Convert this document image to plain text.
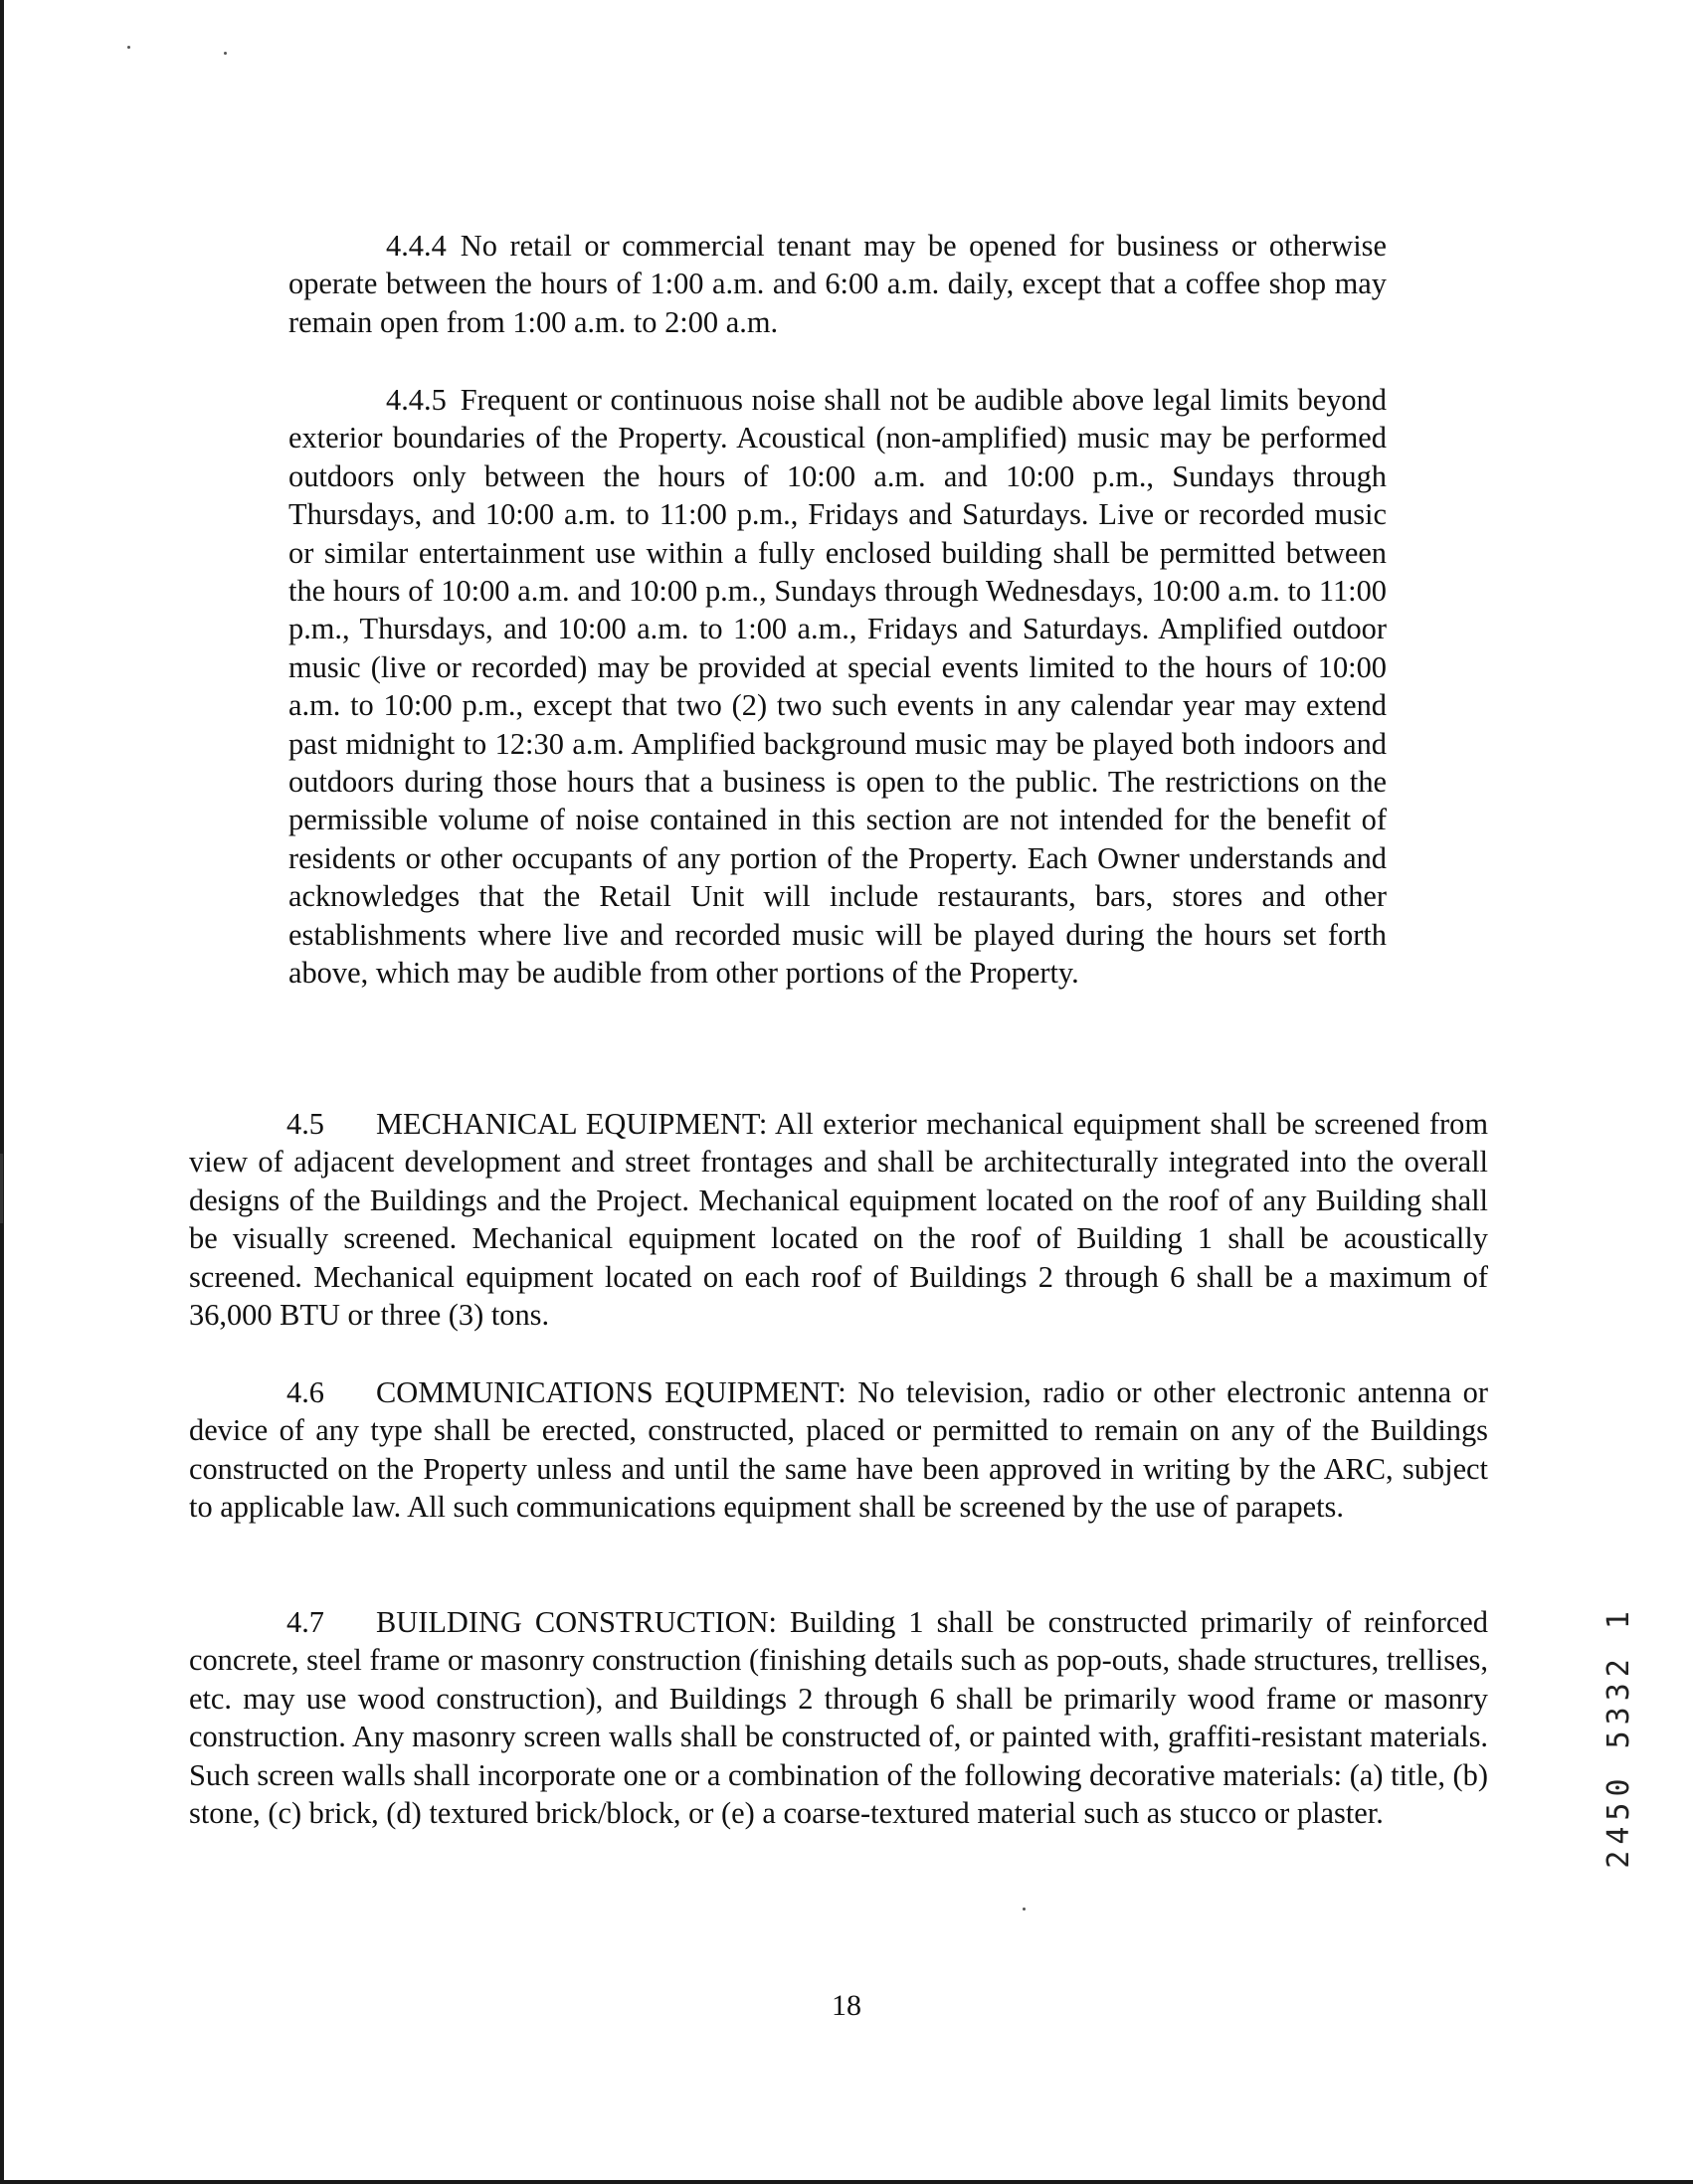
4.4.4 No retail or commercial tenant may be opened for business or otherwise operate between the hours of 1:00 a.m. and 6:00 a.m. daily, except that a coffee shop may remain open from 1:00 a.m. to 2:00 a.m.

4.4.5 Frequent or continuous noise shall not be audible above legal limits beyond exterior boundaries of the Property. Acoustical (non-amplified) music may be performed outdoors only between the hours of 10:00 a.m. and 10:00 p.m., Sundays through Thursdays, and 10:00 a.m. to 11:00 p.m., Fridays and Saturdays. Live or recorded music or similar entertainment use within a fully enclosed building shall be permitted between the hours of 10:00 a.m. and 10:00 p.m., Sundays through Wednesdays, 10:00 a.m. to 11:00 p.m., Thursdays, and 10:00 a.m. to 1:00 a.m., Fridays and Saturdays. Amplified outdoor music (live or recorded) may be provided at special events limited to the hours of 10:00 a.m. to 10:00 p.m., except that two (2) two such events in any calendar year may extend past midnight to 12:30 a.m. Amplified background music may be played both indoors and outdoors during those hours that a business is open to the public. The restrictions on the permissible volume of noise contained in this section are not intended for the benefit of residents or other occupants of any portion of the Property. Each Owner understands and acknowledges that the Retail Unit will include restaurants, bars, stores and other establishments where live and recorded music will be played during the hours set forth above, which may be audible from other portions of the Property.

4.5 MECHANICAL EQUIPMENT: All exterior mechanical equipment shall be screened from view of adjacent development and street frontages and shall be architecturally integrated into the overall designs of the Buildings and the Project. Mechanical equipment located on the roof of any Building shall be visually screened. Mechanical equipment located on the roof of Building 1 shall be acoustically screened. Mechanical equipment located on each roof of Buildings 2 through 6 shall be a maximum of 36,000 BTU or three (3) tons.

4.6 COMMUNICATIONS EQUIPMENT: No television, radio or other electronic antenna or device of any type shall be erected, constructed, placed or permitted to remain on any of the Buildings constructed on the Property unless and until the same have been approved in writing by the ARC, subject to applicable law. All such communications equipment shall be screened by the use of parapets.

4.7 BUILDING CONSTRUCTION: Building 1 shall be constructed primarily of reinforced concrete, steel frame or masonry construction (finishing details such as pop-outs, shade structures, trellises, etc. may use wood construction), and Buildings 2 through 6 shall be primarily wood frame or masonry construction. Any masonry screen walls shall be constructed of, or painted with, graffiti-resistant materials. Such screen walls shall incorporate one or a combination of the following decorative materials: (a) title, (b) stone, (c) brick, (d) textured brick/block, or (e) a coarse-textured material such as stucco or plaster.

18
2450 5332 1
